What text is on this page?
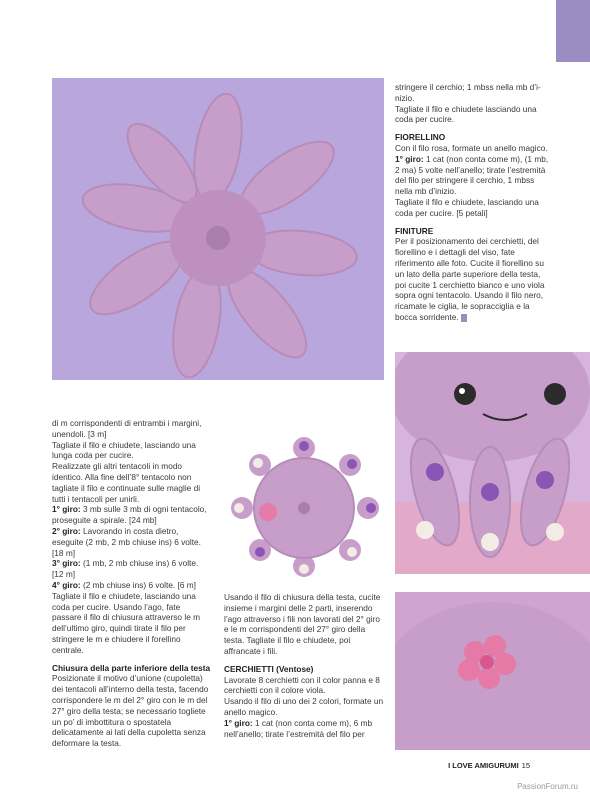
stringere il cerchio; 1 mbss nella mb d’i-nizio.

Tagliate il filo e chiudete lasciando una coda per cucire.

FIORELLINO

Con il filo rosa, formate un anello magico.

1° giro: 1 cat (non conta come m), (1 mb, 2 ma) 5 volte nell’anello; tirate l’estremità del filo per stringere il cerchio, 1 mbss nella mb d’inizio.

Tagliate il filo e chiudete, lasciando una coda per cucire. [5 petali]

FINITURE

Per il posizionamento dei cerchietti, del fiorellino e i dettagli del viso, fate riferimento alle foto. Cucite il fiorellino su un lato della parte superiore della testa, poi cucite 1 cerchietto bianco e uno viola sopra ogni tentacolo. Usando il filo nero, ricamate le ciglia, le sopracciglia e la bocca sorridente.

di m corrispondenti di entrambi i margini, unendoli. [3 m]

Tagliate il filo e chiudete, lasciando una lunga coda per cucire.

Realizzate gli altri tentacoli in modo identico. Alla fine dell’8° tentacolo non tagliate il filo e continuate sulle maglie di tutti i tentacoli per unirli.

1° giro: 3 mb sulle 3 mb di ogni tentacolo, proseguite a spirale. [24 mb]

2° giro: Lavorando in costa dietro, eseguite (2 mb, 2 mb chiuse ins) 6 volte. [18 m]

3° giro: (1 mb, 2 mb chiuse ins) 6 volte. [12 m]

4° giro: (2 mb chiuse ins) 6 volte. [6 m]

Tagliate il filo e chiudete, lasciando una coda per cucire. Usando l’ago, fate passare il filo di chiusura attraverso le m dell’ultimo giro, quindi tirate il filo per stringere le m e chiudere il forellino centrale.

Chiusura della parte inferiore della testa

Posizionate il motivo d’unione (cupoletta) dei tentacoli all’interno della testa, facendo corrispondere le m del 2° giro con le m del 27° giro della testa; se necessario togliete un po’ di imbottitura o spostatela delicatamente ai lati della cupoletta senza deformare la testa.

Usando il filo di chiusura della testa, cucite insieme i margini delle 2 parti, inserendo l’ago attraverso i fili non lavorati del 2° giro e le m corrispondenti del 27° giro della testa. Tagliate il filo e chiudete, poi affrancate i fili.

CERCHIETTI (Ventose)

Lavorate 8 cerchietti con il color panna e 8 cerchietti con il colore viola.

Usando il filo di uno dei 2 colori, formate un anello magico.

1° giro: 1 cat (non conta come m), 6 mb nell’anello; tirate l’estremità del filo per

I LOVE AMIGURUMI 15
PassionForum.ru
